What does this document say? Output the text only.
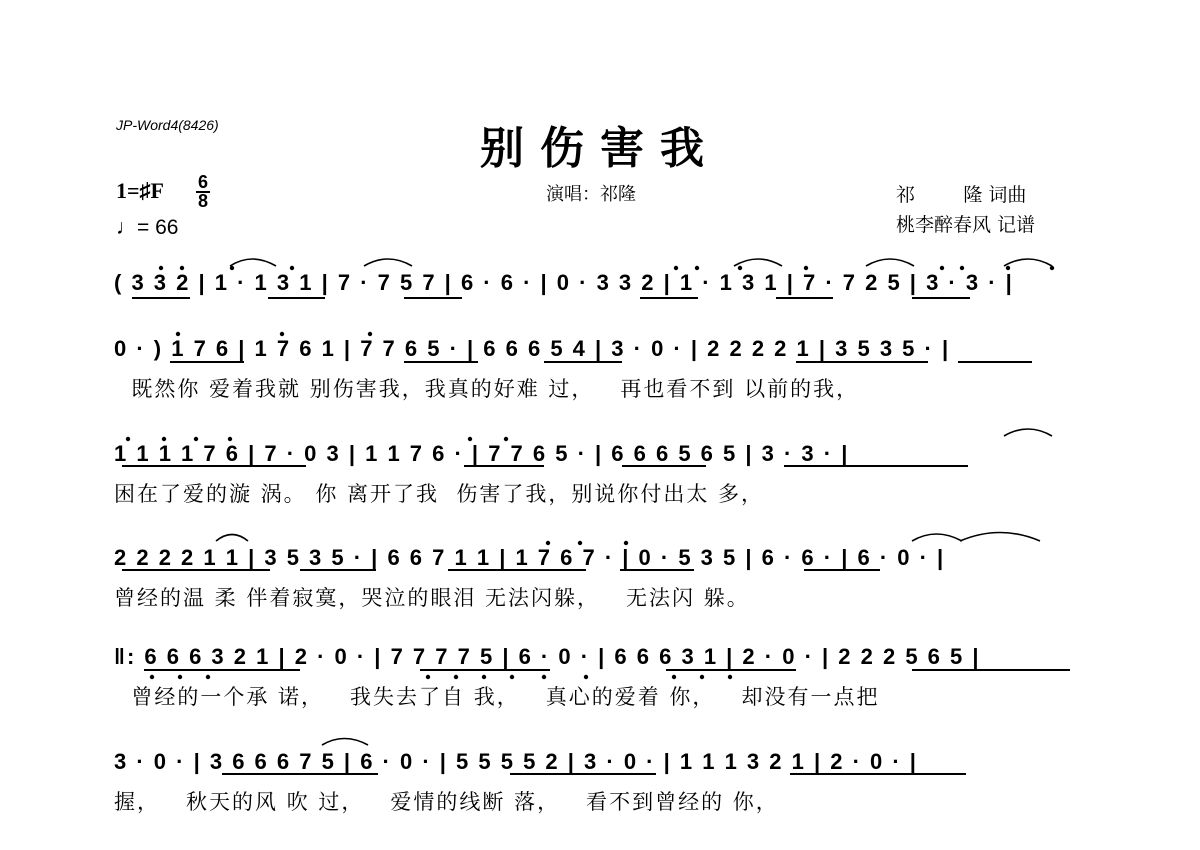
JP-Word4(8426)	别伤害我
1=♯F 6
8
♩= 66
演唱：祁隆	祁        隆 词曲
桃李醉春风 记谱
( 3 3 2 | 1 · 1 3 1 | 7 · 7 5 7 | 6 · 6 · | 0 · 3 3 2 | 1 · 1 3 1 | 7 · 7 2 5 | 3 · 3 · |
0 · ) 1 7 6 | 1 7 6 1 | 7 7 6 5 · | 6 6 6 5 4 | 3 · 0 · | 2 2 2 2 1 | 3 5 3 5 · |
既然你 爱着我就 别伤害我，我真的好难 过，   再也看不到 以前的我，
1 1 1 1 7 6 | 7 · 0 3 | 1 1 7 6 · | 7 7 6 5 · | 6 6 6 5 6 5 | 3 · 3 · |
困在了爱的漩 涡。 你 离开了我  伤害了我，别说你付出太 多，
2 2 2 2 1 1 | 3 5 3 5 · | 6 6 7 1 1 | 1 7 6 7 · | 0 · 5 3 5 | 6 · 6 · | 6 · 0 · |
曾经的温 柔 伴着寂寞，哭泣的眼泪 无法闪躲，   无法闪 躲。
‖: 6 6 6 3 2 1 | 2 · 0 · | 7 7 7 7 5 | 6 · 0 · | 6 6 6 3 1 | 2 · 0 · | 2 2 2 5 6 5 |
曾经的一个承 诺，   我失去了自 我，   真心的爱着 你，   却没有一点把
3 · 0 · | 3 6 6 6 7 5 | 6 · 0 · | 5 5 5 5 2 | 3 · 0 · | 1 1 1 3 2 1 | 2 · 0 · |
握，   秋天的风 吹 过，   爱情的线断 落，   看不到曾经的 你，
